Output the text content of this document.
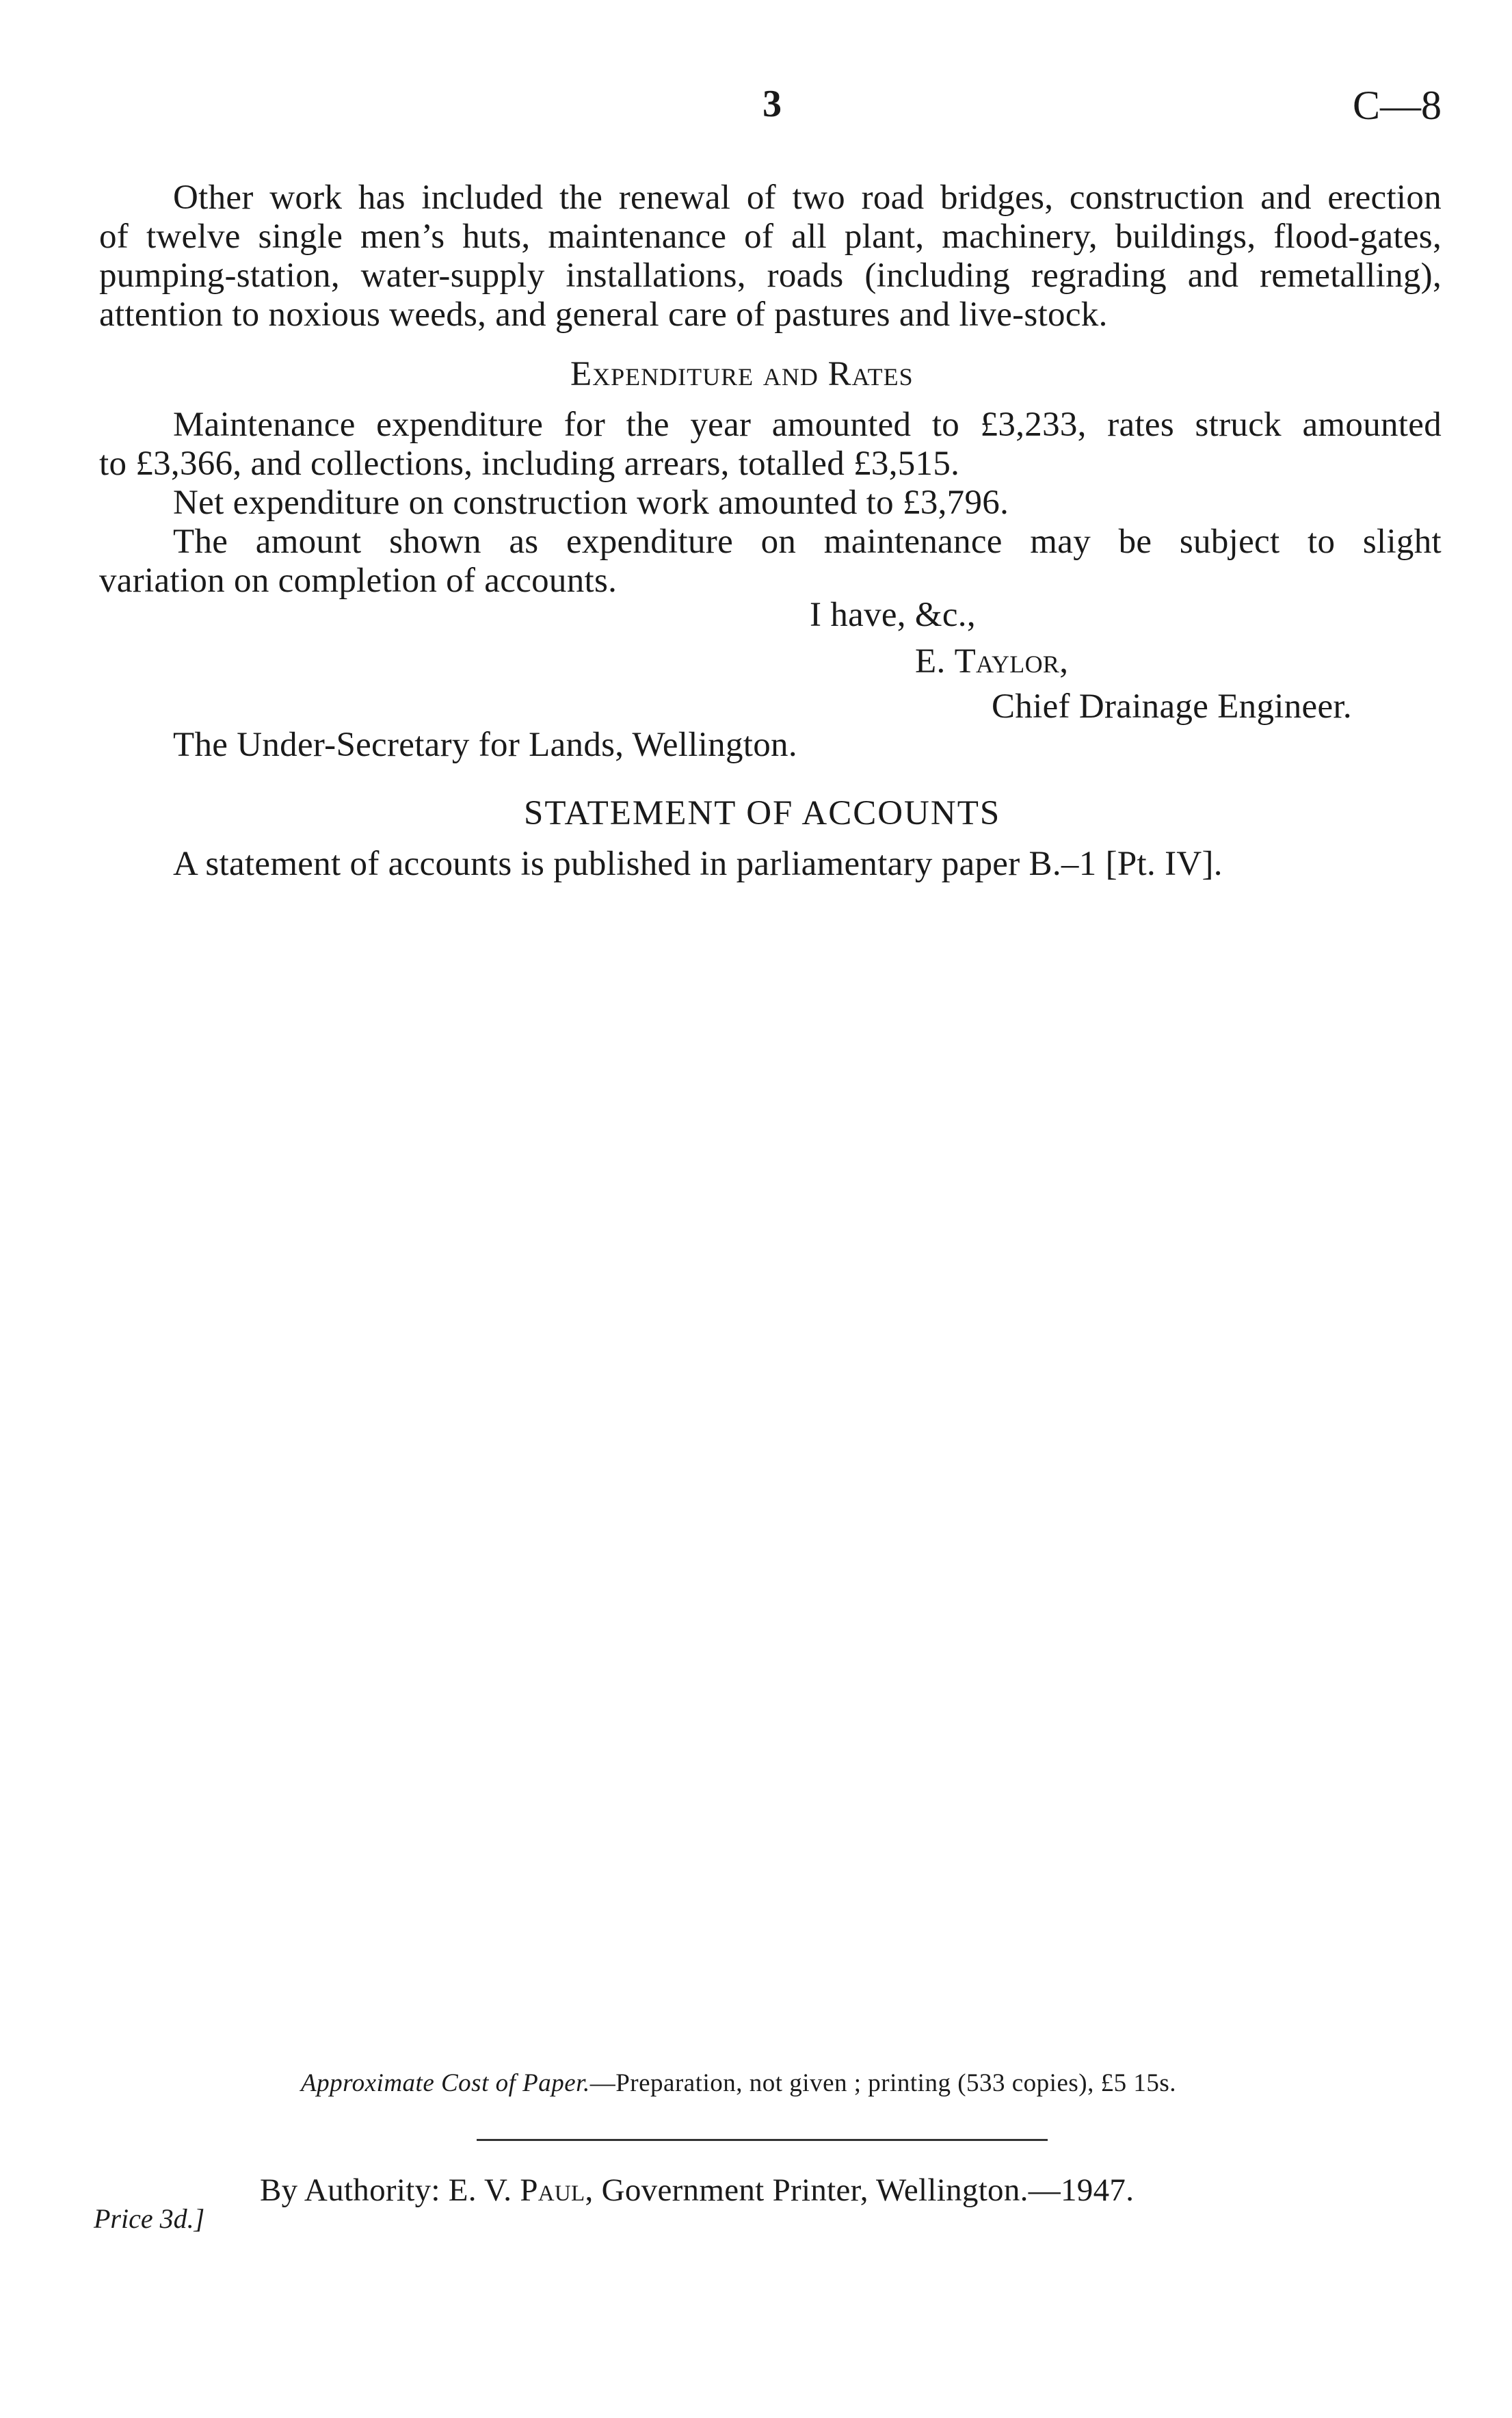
3	C—8
Other work has included the renewal of two road bridges, construction and erection
of twelve single men’s huts, maintenance of all plant, machinery, buildings, flood-gates,
pumping-station, water-supply installations, roads (including regrading and remetalling),
attention to noxious weeds, and general care of pastures and live-stock.
Expenditure and Rates
Maintenance expenditure for the year amounted to £3,233, rates struck amounted
to £3,366, and collections, including arrears, totalled £3,515.
Net expenditure on construction work amounted to £3,796.
The amount shown as expenditure on maintenance may be subject to slight
variation on completion of accounts.
I have, &c.,
E. Taylor,
Chief Drainage Engineer.
The Under-Secretary for Lands, Wellington.
STATEMENT OF ACCOUNTS
A statement of accounts is published in parliamentary paper B.–1 [Pt. IV].
Approximate Cost of Paper.—Preparation, not given ; printing (533 copies), £5 15s.
By Authority: E. V. Paul, Government Printer, Wellington.—1947.
Price 3d.]
